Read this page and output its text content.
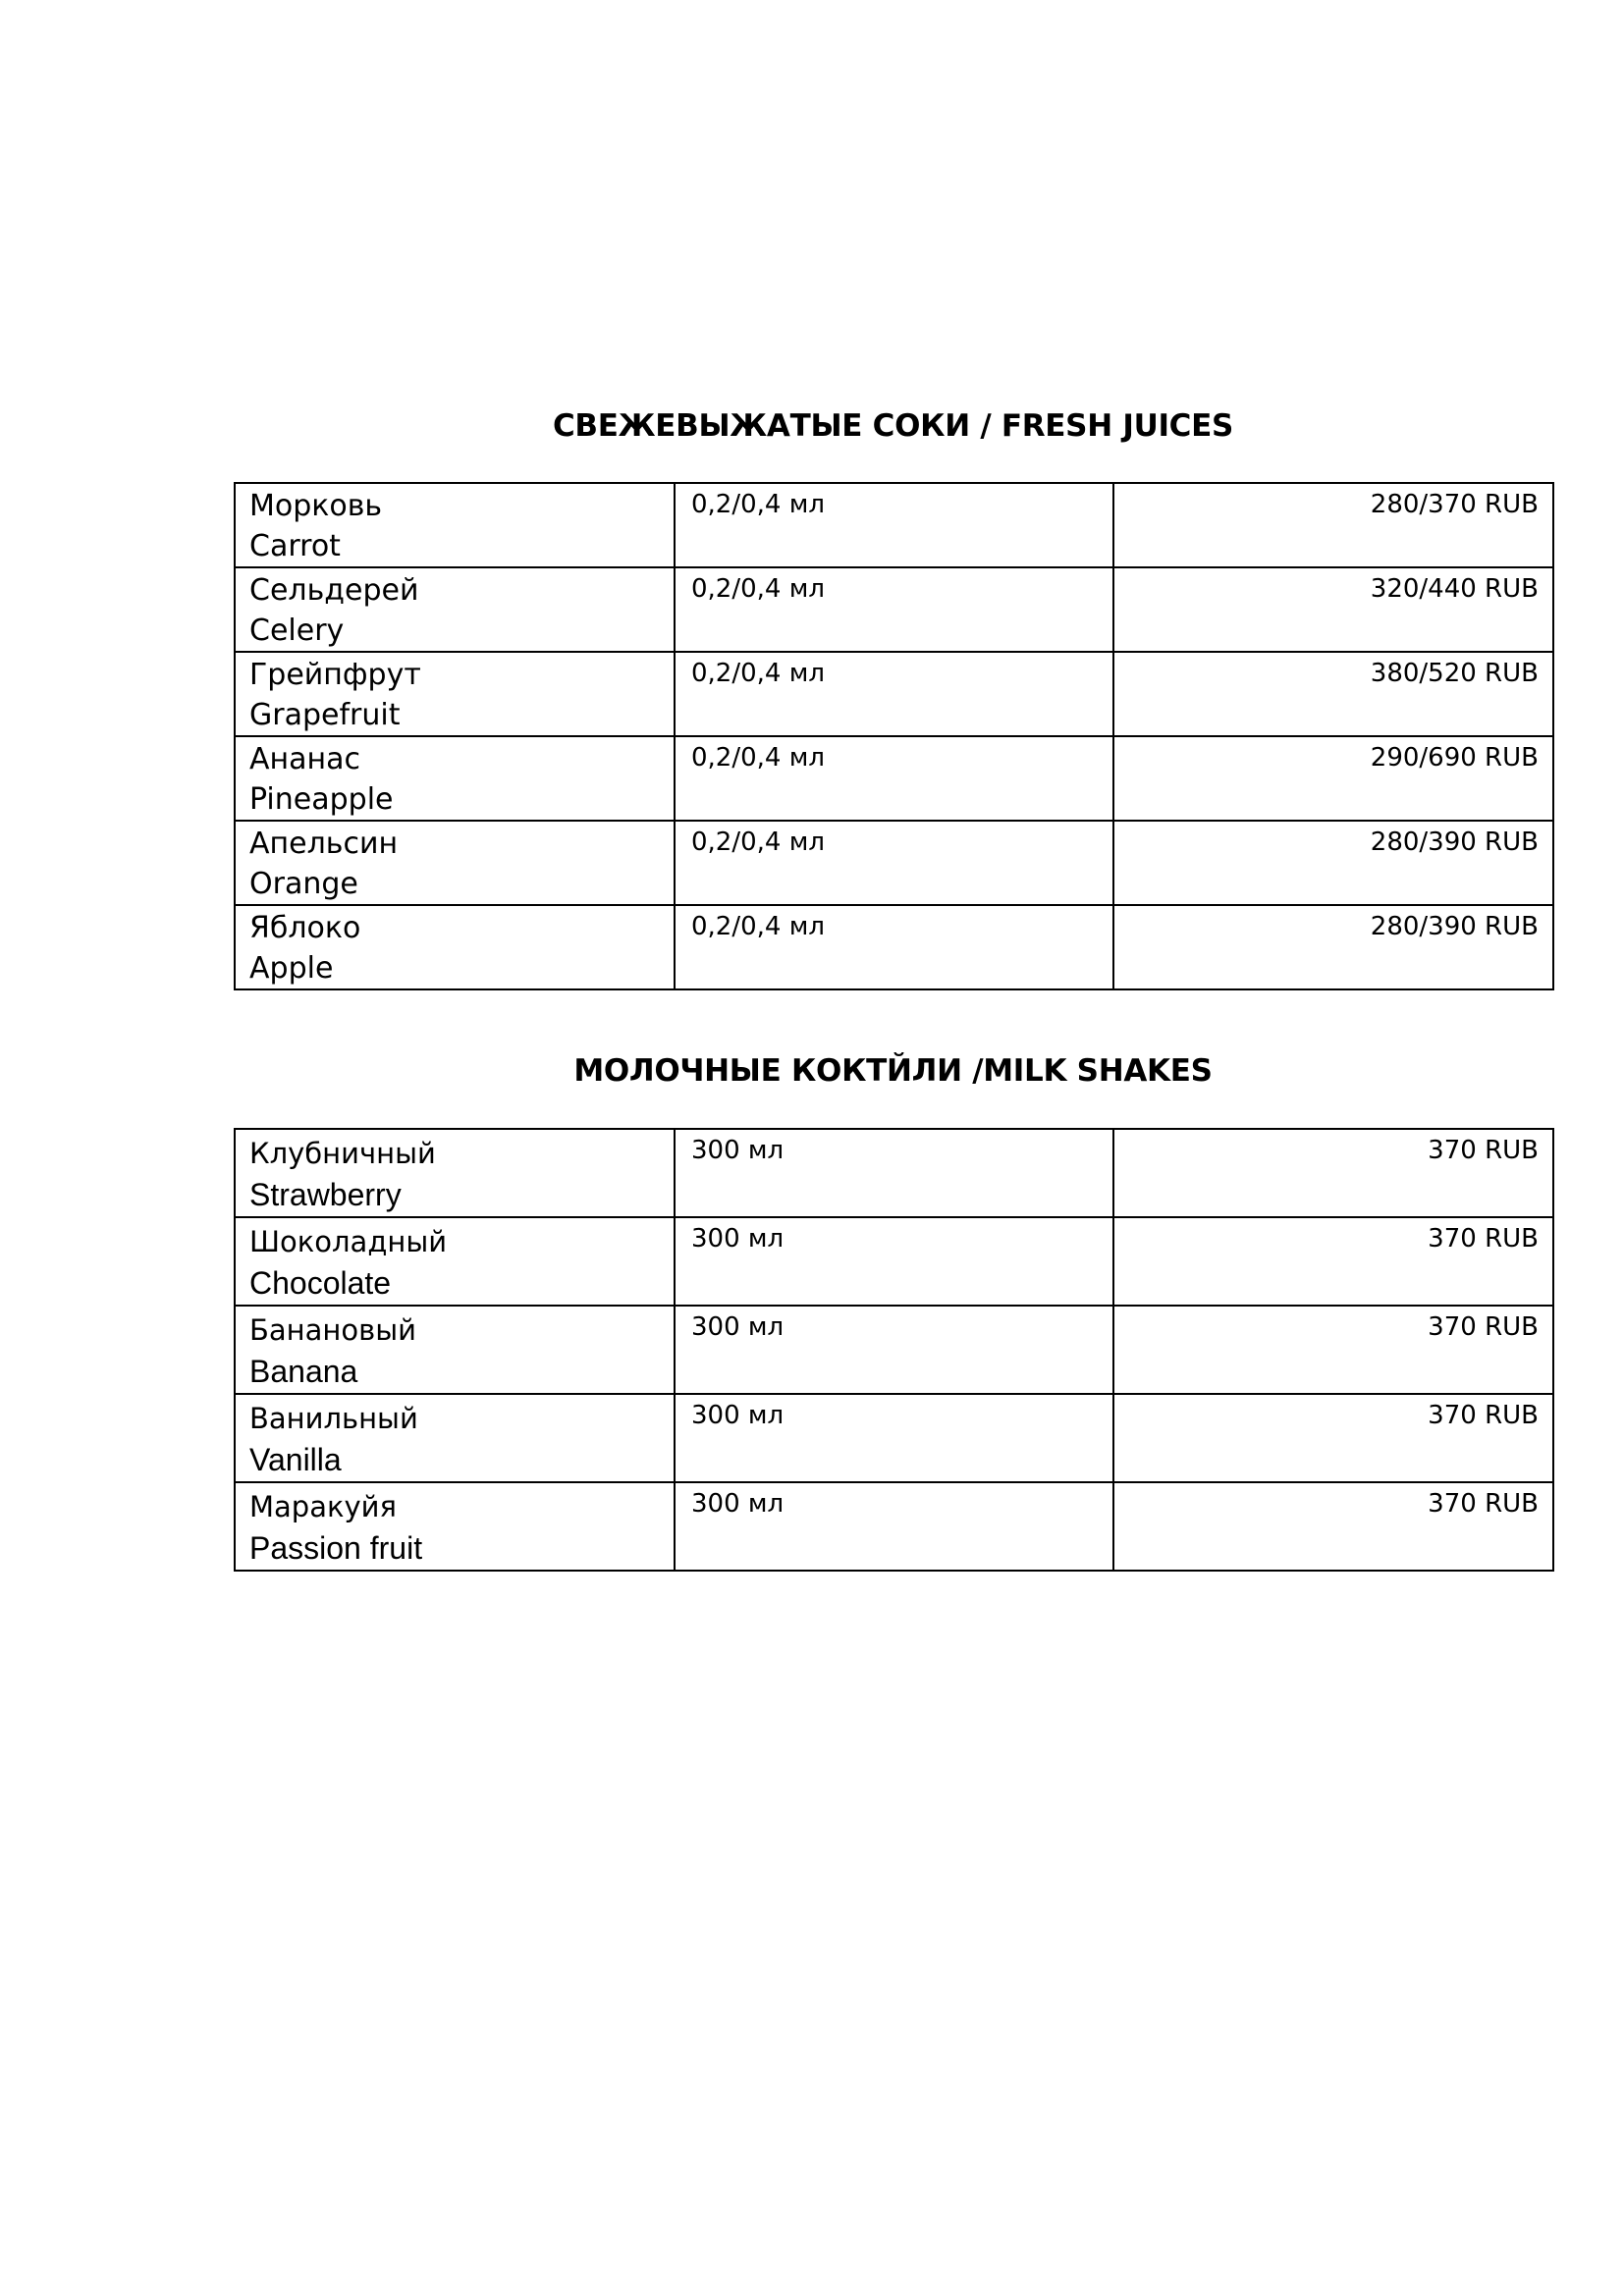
СВЕЖЕВЫЖАТЫЕ СОКИ / FRESH JUICES
Морковь
Carrot	0,2/0,4 мл	280/370 RUB

Сельдерей
Celery	0,2/0,4 мл	320/440 RUB

Грейпфрут
Grapefruit	0,2/0,4 мл	380/520 RUB

Ананас
Pineapple	0,2/0,4 мл	290/690 RUB

Апельсин
Orange	0,2/0,4 мл	280/390 RUB

Яблоко
Apple	0,2/0,4 мл	280/390 RUB
МОЛОЧНЫЕ КОКТЙЛИ /MILK SHAKES
Клубничный
Strawberry	300 мл	370 RUB

Шоколадный
Chocolate	300 мл	370 RUB

Банановый
Banana	300 мл	370 RUB

Ванильный
Vanilla	300 мл	370 RUB

Маракуйя
Passion fruit	300 мл	370 RUB
